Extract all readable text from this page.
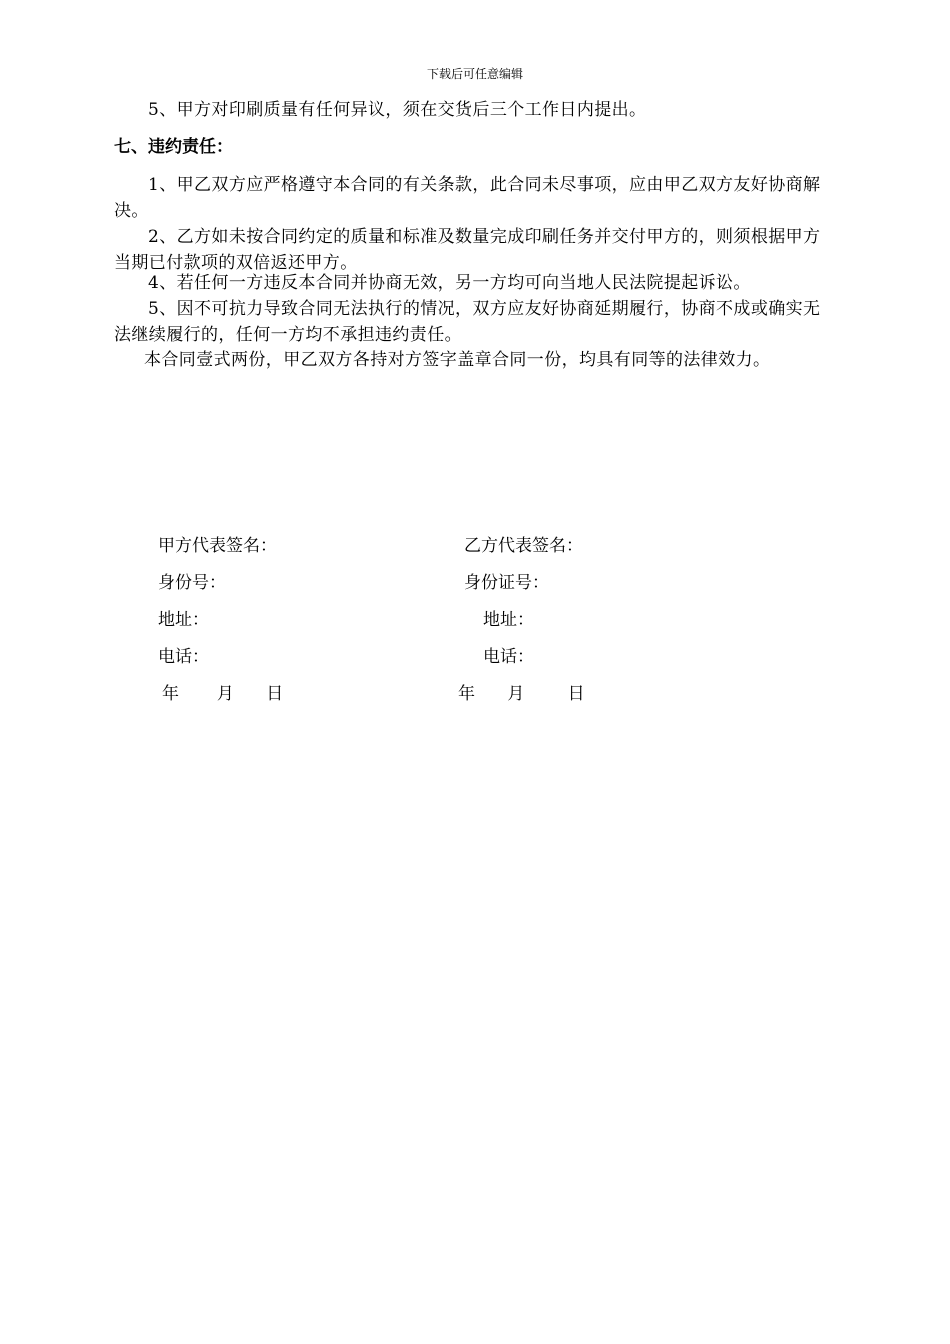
下载后可任意编辑
5、甲方对印刷质量有任何异议，须在交货后三个工作日内提出。
七、违约责任：
1、甲乙双方应严格遵守本合同的有关条款，此合同未尽事项，应由甲乙双方友好协商解决。
2、乙方如未按合同约定的质量和标准及数量完成印刷任务并交付甲方的，则须根据甲方当期已付款项的双倍返还甲方。
4、若任何一方违反本合同并协商无效，另一方均可向当地人民法院提起诉讼。
5、因不可抗力导致合同无法执行的情况，双方应友好协商延期履行，协商不成或确实无法继续履行的，任何一方均不承担违约责任。
本合同壹式两份，甲乙双方各持对方签字盖章合同一份，均具有同等的法律效力。
甲方代表签名：
身份号：
地址：
电话：
年       月      日
乙方代表签名：
身份证号：
地址：
电话：
年      月        日
